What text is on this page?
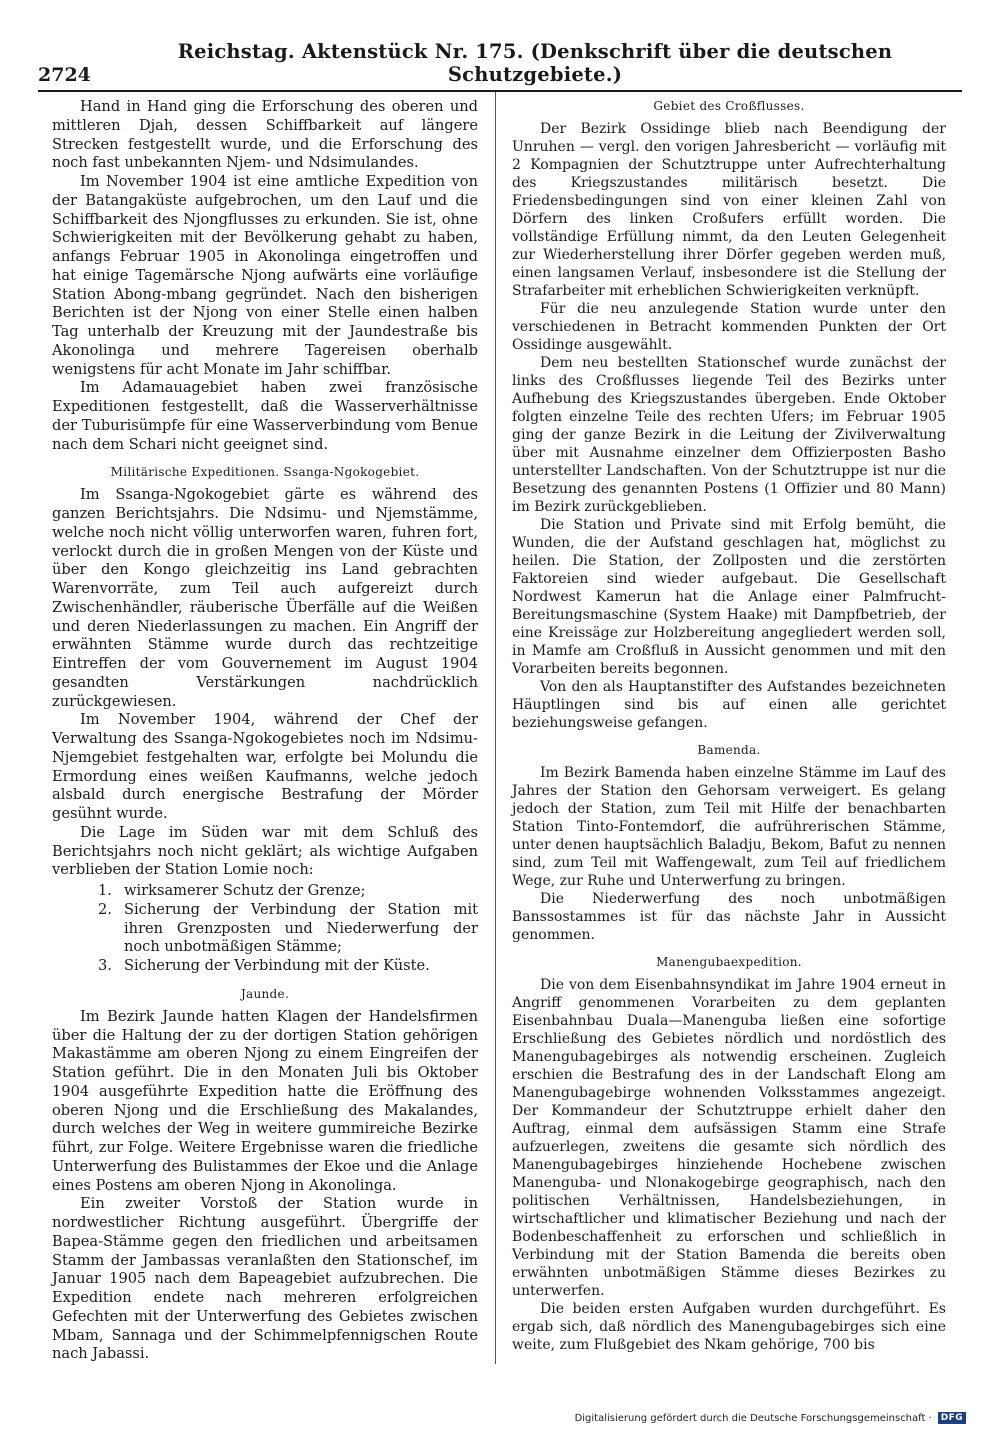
2724
Reichstag. Aktenstück Nr. 175. (Denkschrift über die deutschen Schutzgebiete.)

Hand in Hand ging die Erforschung des oberen und mittleren Djah, dessen Schiffbarkeit auf längere Strecken festgestellt wurde, und die Erforschung des noch fast unbekannten Njem- und Ndsimulandes.

Im November 1904 ist eine amtliche Expedition von der Batangaküste aufgebrochen, um den Lauf und die Schiffbarkeit des Njongflusses zu erkunden. Sie ist, ohne Schwierigkeiten mit der Bevölkerung gehabt zu haben, anfangs Februar 1905 in Akonolinga eingetroffen und hat einige Tagemärsche Njong aufwärts eine vorläufige Station Abong-mbang gegründet. Nach den bisherigen Berichten ist der Njong von einer Stelle einen halben Tag unterhalb der Kreuzung mit der Jaundestraße bis Akonolinga und mehrere Tagereisen oberhalb wenigstens für acht Monate im Jahr schiffbar.

Im Adamauagebiet haben zwei französische Expeditionen festgestellt, daß die Wasserverhältnisse der Tuburisümpfe für eine Wasserverbindung vom Benue nach dem Schari nicht geeignet sind.

Militärische Expeditionen. Ssanga-Ngokogebiet.

Im Ssanga-Ngokogebiet gärte es während des ganzen Berichtsjahrs. Die Ndsimu- und Njemstämme, welche noch nicht völlig unterworfen waren, fuhren fort, verlockt durch die in großen Mengen von der Küste und über den Kongo gleichzeitig ins Land gebrachten Warenvorräte, zum Teil auch aufgereizt durch Zwischenhändler, räuberische Überfälle auf die Weißen und deren Niederlassungen zu machen. Ein Angriff der erwähnten Stämme wurde durch das rechtzeitige Eintreffen der vom Gouvernement im August 1904 gesandten Verstärkungen nachdrücklich zurückgewiesen.

Im November 1904, während der Chef der Verwaltung des Ssanga-Ngokogebietes noch im Ndsimu-Njemgebiet festgehalten war, erfolgte bei Molundu die Ermordung eines weißen Kaufmanns, welche jedoch alsbald durch energische Bestrafung der Mörder gesühnt wurde.

Die Lage im Süden war mit dem Schluß des Berichtsjahrs noch nicht geklärt; als wichtige Aufgaben verblieben der Station Lomie noch:

1. wirksamerer Schutz der Grenze;
2. Sicherung der Verbindung der Station mit ihren Grenzposten und Niederwerfung der noch unbotmäßigen Stämme;
3. Sicherung der Verbindung mit der Küste.
Jaunde.

Im Bezirk Jaunde hatten Klagen der Handelsfirmen über die Haltung der zu der dortigen Station gehörigen Makastämme am oberen Njong zu einem Eingreifen der Station geführt. Die in den Monaten Juli bis Oktober 1904 ausgeführte Expedition hatte die Eröffnung des oberen Njong und die Erschließung des Makalandes, durch welches der Weg in weitere gummireiche Bezirke führt, zur Folge. Weitere Ergebnisse waren die friedliche Unterwerfung des Bulistammes der Ekoe und die Anlage eines Postens am oberen Njong in Akonolinga.

Ein zweiter Vorstoß der Station wurde in nordwestlicher Richtung ausgeführt. Übergriffe der Bapea-Stämme gegen den friedlichen und arbeitsamen Stamm der Jambassas veranlaßten den Stationschef, im Januar 1905 nach dem Bapeagebiet aufzubrechen. Die Expedition endete nach mehreren erfolgreichen Gefechten mit der Unterwerfung des Gebietes zwischen Mbam, Sannaga und der Schimmelpfennigschen Route nach Jabassi.

Gebiet des Croßflusses.

Der Bezirk Ossidinge blieb nach Beendigung der Unruhen — vergl. den vorigen Jahresbericht — vorläufig mit 2 Kompagnien der Schutztruppe unter Aufrechterhaltung des Kriegszustandes militärisch besetzt. Die Friedensbedingungen sind von einer kleinen Zahl von Dörfern des linken Croßufers erfüllt worden. Die vollständige Erfüllung nimmt, da den Leuten Gelegenheit zur Wiederherstellung ihrer Dörfer gegeben werden muß, einen langsamen Verlauf, insbesondere ist die Stellung der Strafarbeiter mit erheblichen Schwierigkeiten verknüpft.

Für die neu anzulegende Station wurde unter den verschiedenen in Betracht kommenden Punkten der Ort Ossidinge ausgewählt.

Dem neu bestellten Stationschef wurde zunächst der links des Croßflusses liegende Teil des Bezirks unter Aufhebung des Kriegszustandes übergeben. Ende Oktober folgten einzelne Teile des rechten Ufers; im Februar 1905 ging der ganze Bezirk in die Leitung der Zivilverwaltung über mit Ausnahme einzelner dem Offizierposten Basho unterstellter Landschaften. Von der Schutztruppe ist nur die Besetzung des genannten Postens (1 Offizier und 80 Mann) im Bezirk zurückgeblieben.

Die Station und Private sind mit Erfolg bemüht, die Wunden, die der Aufstand geschlagen hat, möglichst zu heilen. Die Station, der Zollposten und die zerstörten Faktoreien sind wieder aufgebaut. Die Gesellschaft Nordwest Kamerun hat die Anlage einer Palmfrucht-Bereitungsmaschine (System Haake) mit Dampfbetrieb, der eine Kreissäge zur Holzbereitung angegliedert werden soll, in Mamfe am Croßfluß in Aussicht genommen und mit den Vorarbeiten bereits begonnen.

Von den als Hauptanstifter des Aufstandes bezeichneten Häuptlingen sind bis auf einen alle gerichtet beziehungsweise gefangen.

Bamenda.

Im Bezirk Bamenda haben einzelne Stämme im Lauf des Jahres der Station den Gehorsam verweigert. Es gelang jedoch der Station, zum Teil mit Hilfe der benachbarten Station Tinto-Fontemdorf, die aufrührerischen Stämme, unter denen hauptsächlich Baladju, Bekom, Bafut zu nennen sind, zum Teil mit Waffengewalt, zum Teil auf friedlichem Wege, zur Ruhe und Unterwerfung zu bringen.

Die Niederwerfung des noch unbotmäßigen Banssostammes ist für das nächste Jahr in Aussicht genommen.

Manengubaexpedition.

Die von dem Eisenbahnsyndikat im Jahre 1904 erneut in Angriff genommenen Vorarbeiten zu dem geplanten Eisenbahnbau Duala—Manenguba ließen eine sofortige Erschließung des Gebietes nördlich und nordöstlich des Manengubagebirges als notwendig erscheinen. Zugleich erschien die Bestrafung des in der Landschaft Elong am Manengubagebirge wohnenden Volksstammes angezeigt. Der Kommandeur der Schutztruppe erhielt daher den Auftrag, einmal dem aufsässigen Stamm eine Strafe aufzuerlegen, zweitens die gesamte sich nördlich des Manengubagebirges hinziehende Hochebene zwischen Manenguba- und Nlonakogebirge geographisch, nach den politischen Verhältnissen, Handelsbeziehungen, in wirtschaftlicher und klimatischer Beziehung und nach der Bodenbeschaffenheit zu erforschen und schließlich in Verbindung mit der Station Bamenda die bereits oben erwähnten unbotmäßigen Stämme dieses Bezirkes zu unterwerfen.

Die beiden ersten Aufgaben wurden durchgeführt. Es ergab sich, daß nördlich des Manengubagebirges sich eine weite, zum Flußgebiet des Nkam gehörige, 700 bis

Digitalisierung gefördert durch die Deutsche Forschungsgemeinschaft ·	DFG
